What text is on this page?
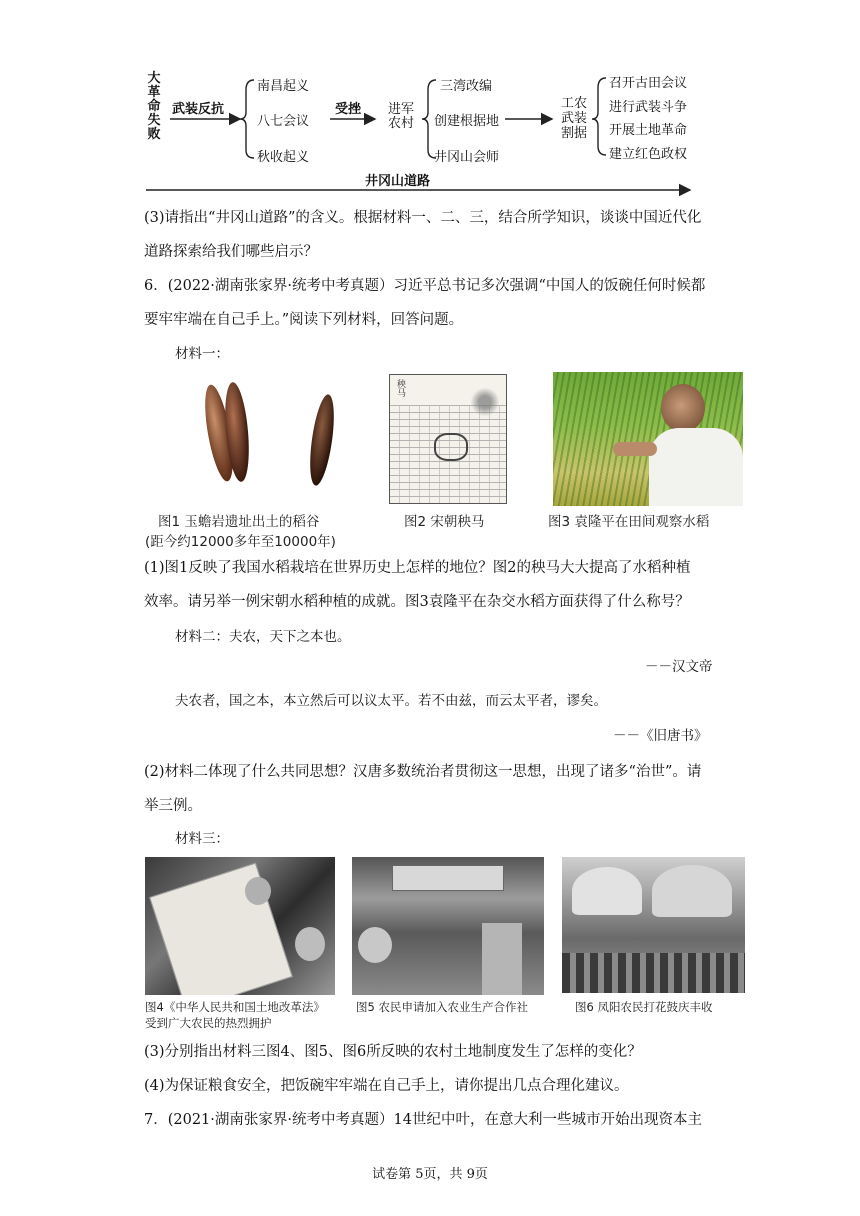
大革命失败
武装反抗
南昌起义
八七会议
秋收起义
受挫 进军农村
三湾改编
创建根据地
井冈山会师
工农武装割据
召开古田会议
进行武装斗争
开展土地革命
建立红色政权
井冈山道路
(3)请指出“井冈山道路”的含义。根据材料一、二、三，结合所学知识，谈谈中国近代化
道路探索给我们哪些启示？
6．(2022·湖南张家界·统考中考真题）习近平总书记多次强调“中国人的饭碗任何时候都
要牢牢端在自己手上。”阅读下列材料，回答问题。
材料一：
图1 玉蟾岩遗址出土的稻谷
(距今约12000多年至10000年)
秧马
图2 宋朝秧马	图3 袁隆平在田间观察水稻
(1)图1反映了我国水稻栽培在世界历史上怎样的地位？图2的秧马大大提高了水稻种植
效率。请另举一例宋朝水稻种植的成就。图3袁隆平在杂交水稻方面获得了什么称号？
材料二：夫农，天下之本也。
－－汉文帝
夫农者，国之本，本立然后可以议太平。若不由兹，而云太平者，谬矣。
－－《旧唐书》
(2)材料二体现了什么共同思想？汉唐多数统治者贯彻这一思想，出现了诸多“治世”。请
举三例。
材料三：
图4《中华人民共和国土地改革法》
受到广大农民的热烈拥护
图5 农民申请加入农业生产合作社	图6 凤阳农民打花鼓庆丰收
(3)分别指出材料三图4、图5、图6所反映的农村土地制度发生了怎样的变化？
(4)为保证粮食安全，把饭碗牢牢端在自己手上，请你提出几点合理化建议。
7．(2021·湖南张家界·统考中考真题）14世纪中叶，在意大利一些城市开始出现资本主
试卷第 5页，共 9页
